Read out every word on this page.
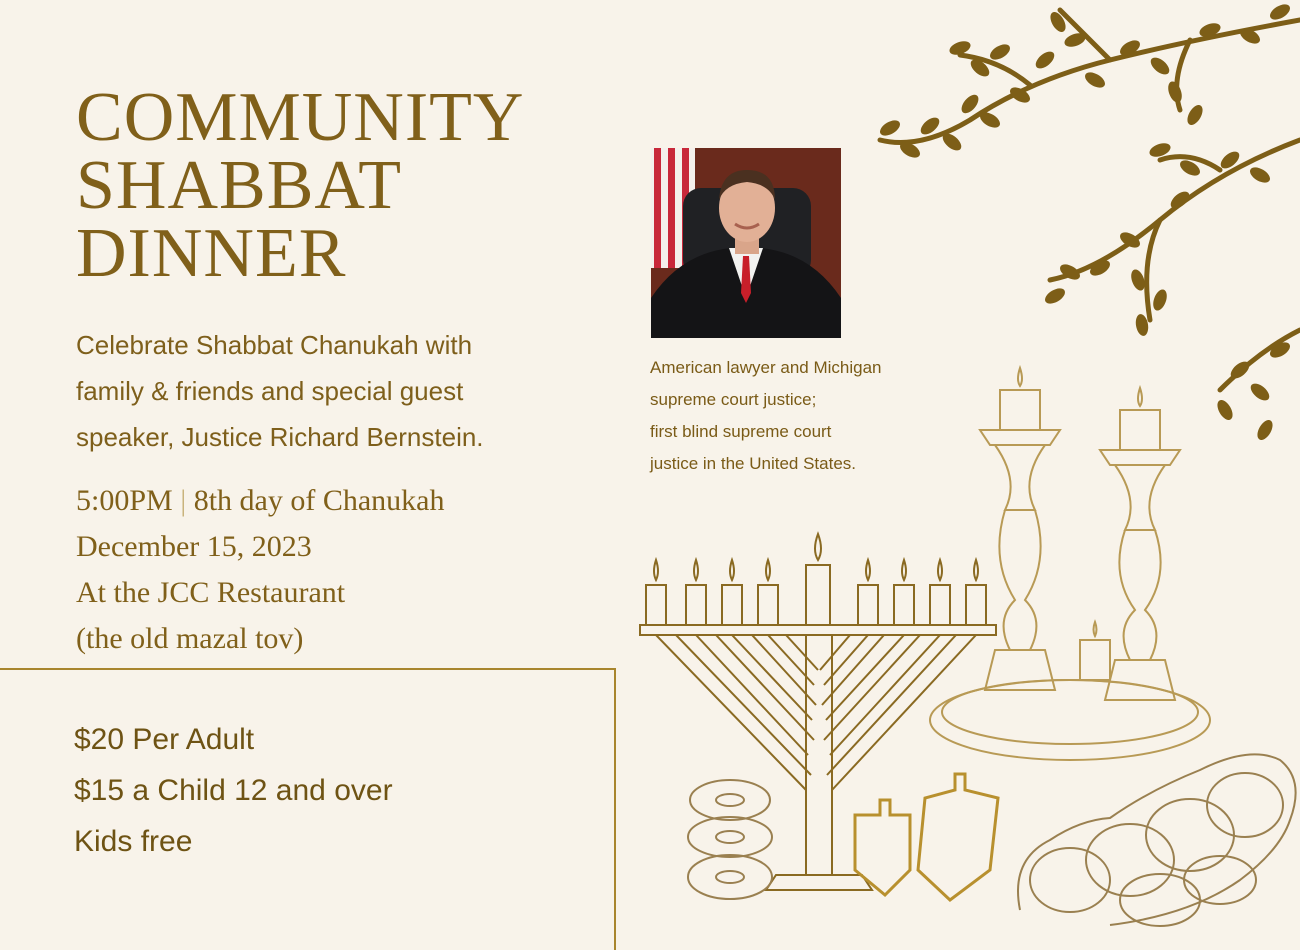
COMMUNITY
SHABBAT
DINNER
Celebrate Shabbat Chanukah with
family & friends and special guest
speaker, Justice Richard Bernstein.
5:00PM | 8th day of Chanukah
December 15, 2023
At the JCC Restaurant
(the old mazal tov)
$20 Per Adult
$15 a Child 12 and over
Kids free
American lawyer and Michigan
supreme court justice;
first blind supreme court
justice in the United States.
